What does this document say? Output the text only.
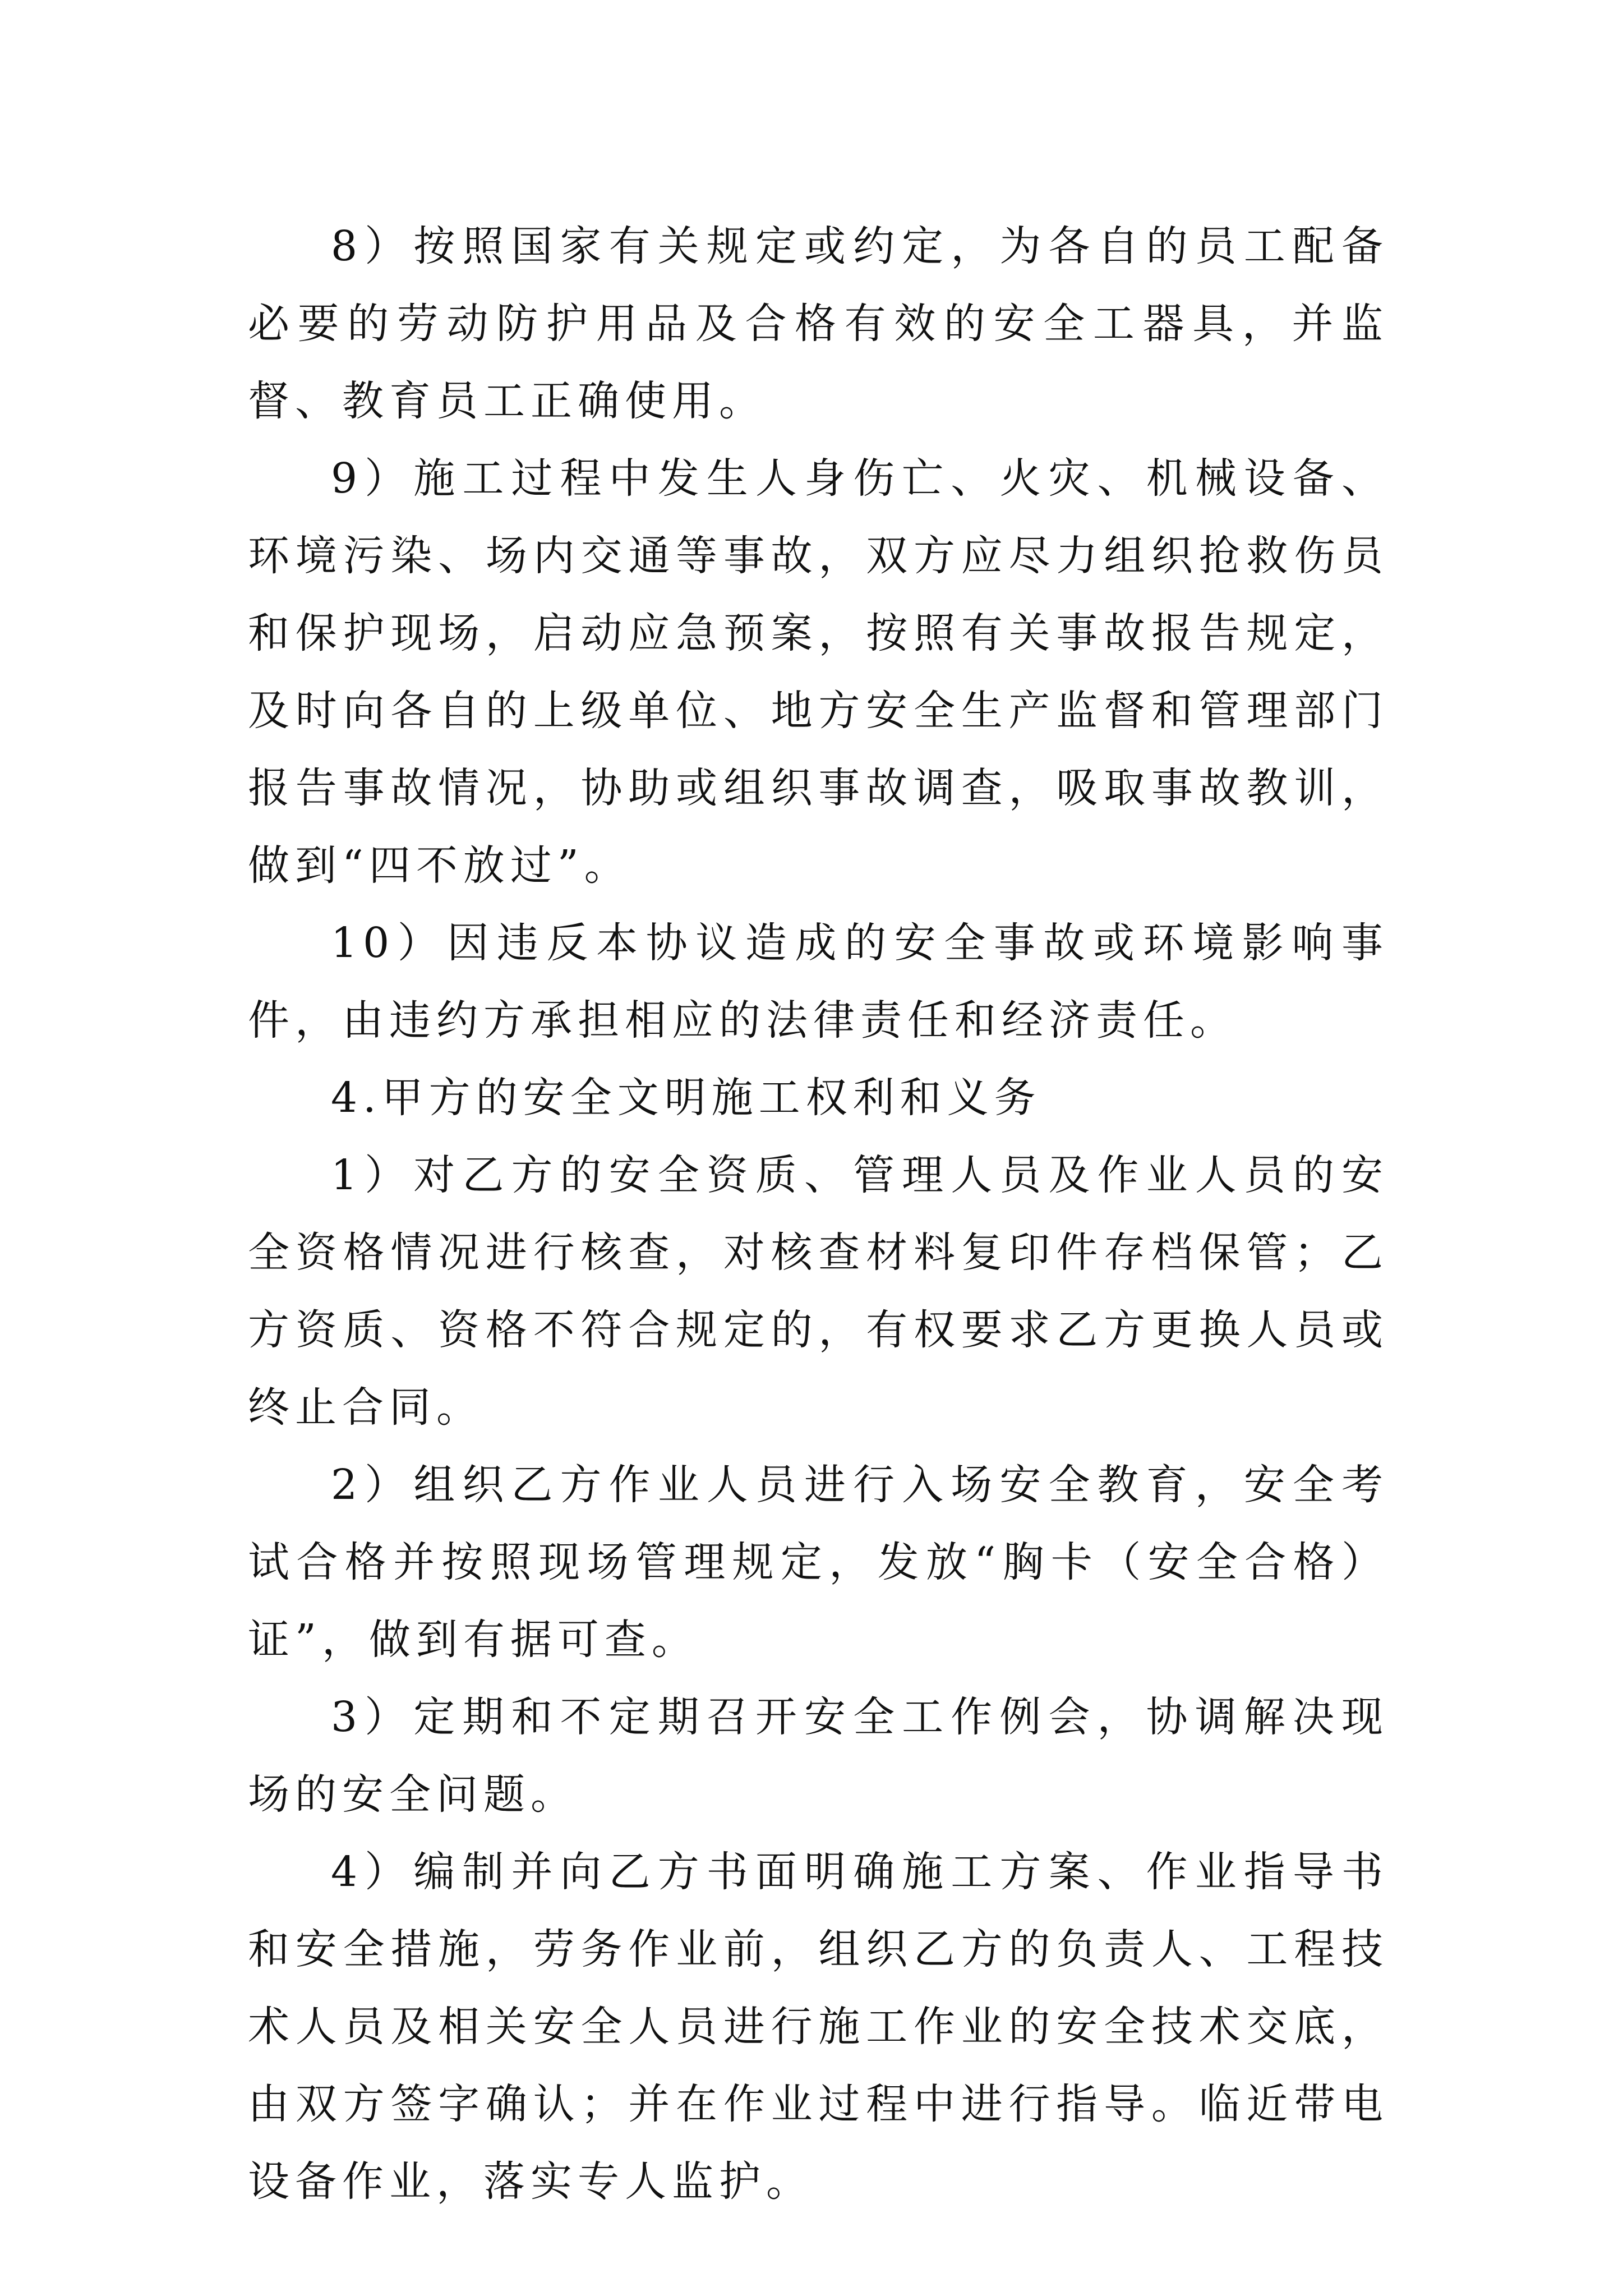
8）按照国家有关规定或约定，为各自的员工配备必要的劳动防护用品及合格有效的安全工器具，并监督、教育员工正确使用。

9）施工过程中发生人身伤亡、火灾、机械设备、环境污染、场内交通等事故，双方应尽力组织抢救伤员和保护现场，启动应急预案，按照有关事故报告规定，及时向各自的上级单位、地方安全生产监督和管理部门报告事故情况，协助或组织事故调查，吸取事故教训，做到“四不放过”。

10）因违反本协议造成的安全事故或环境影响事件，由违约方承担相应的法律责任和经济责任。

4.甲方的安全文明施工权利和义务

1）对乙方的安全资质、管理人员及作业人员的安全资格情况进行核查，对核查材料复印件存档保管；乙方资质、资格不符合规定的，有权要求乙方更换人员或终止合同。

2）组织乙方作业人员进行入场安全教育，安全考试合格并按照现场管理规定，发放“胸卡（安全合格）证”，做到有据可查。

3）定期和不定期召开安全工作例会，协调解决现场的安全问题。

4）编制并向乙方书面明确施工方案、作业指导书和安全措施，劳务作业前，组织乙方的负责人、工程技术人员及相关安全人员进行施工作业的安全技术交底，由双方签字确认；并在作业过程中进行指导。临近带电设备作业，落实专人监护。
